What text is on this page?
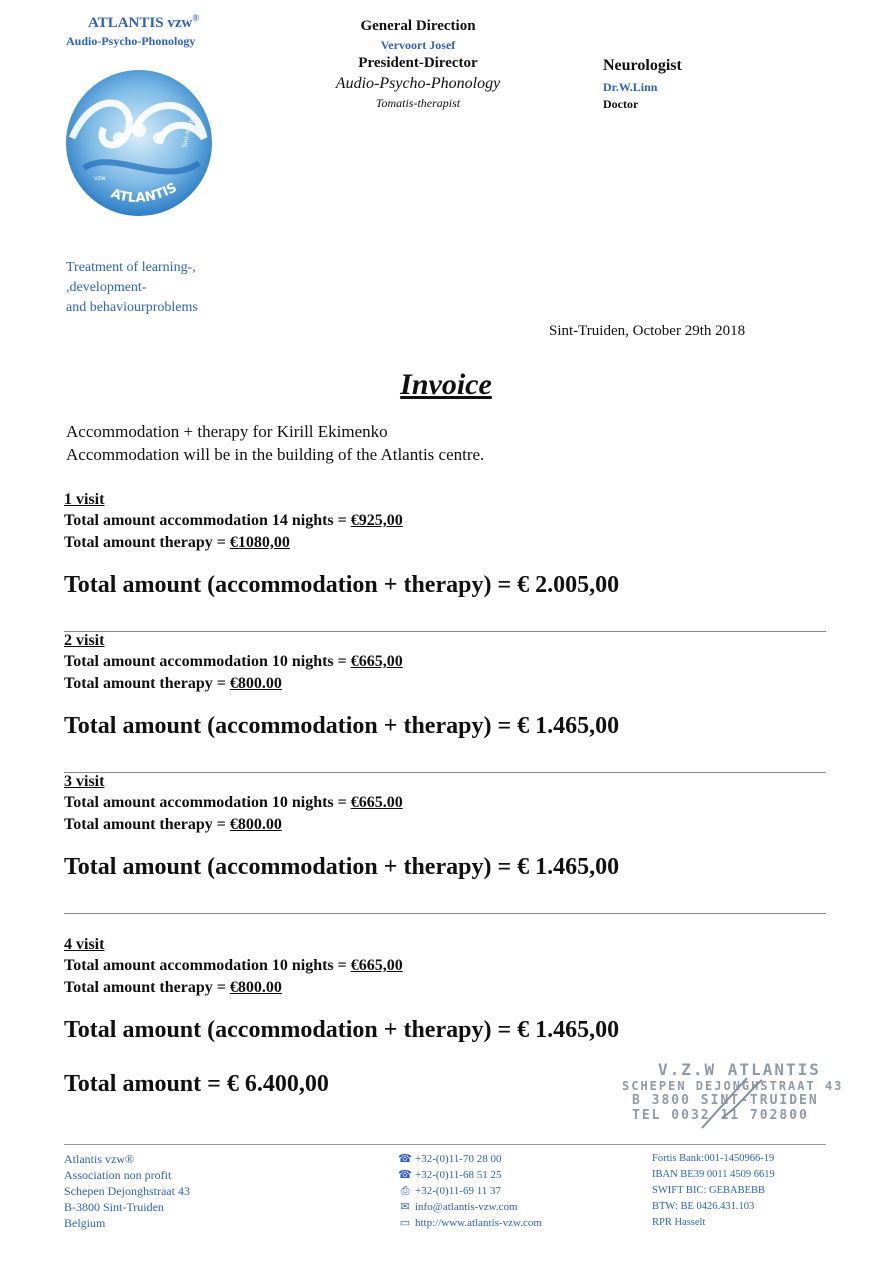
ATLANTIS vzw®
Audio-Psycho-Phonology
ATLANTIS
vzw
Sint-Truiden
Treatment of learning-,
,development-
and behaviourproblems
General Direction
Vervoort Josef
President-Director
Audio-Psycho-Phonology
Tomatis-therapist
Neurologist
Dr.W.Linn
Doctor
Sint-Truiden, October 29th 2018
Invoice
Accommodation + therapy for Kirill Ekimenko
Accommodation will be in the building of the Atlantis centre.
1 visit
Total amount accommodation 14 nights = €925,00
Total amount therapy = €1080,00
Total amount (accommodation + therapy) = € 2.005,00
2 visit
Total amount accommodation 10 nights = €665,00
Total amount therapy = €800.00
Total amount (accommodation + therapy) = € 1.465,00
3 visit
Total amount accommodation 10 nights = €665.00
Total amount therapy = €800.00
Total amount (accommodation + therapy) = € 1.465,00
4 visit
Total amount accommodation 10 nights = €665,00
Total amount therapy = €800.00
Total amount (accommodation + therapy) = € 1.465,00
Total amount = € 6.400,00
V.Z.W ATLANTIS
SCHEPEN DEJONGHSTRAAT 43
B 3800 SINT-TRUIDEN
TEL 0032 11 702800
Atlantis vzw®
Association non profit
Schepen Dejonghstraat 43
B-3800 Sint-Truiden
Belgium
☎ +32-(0)11-70 28 00
☎ +32-(0)11-68 51 25
⎙ +32-(0)11-69 11 37
✉ info@atlantis-vzw.com
▭ http://www.atlantis-vzw.com
Fortis Bank:001-1450966-19
IBAN BE39 0011 4509 6619
SWIFT BIC: GEBABEBB
BTW: BE 0426.431.103
RPR Hasselt
